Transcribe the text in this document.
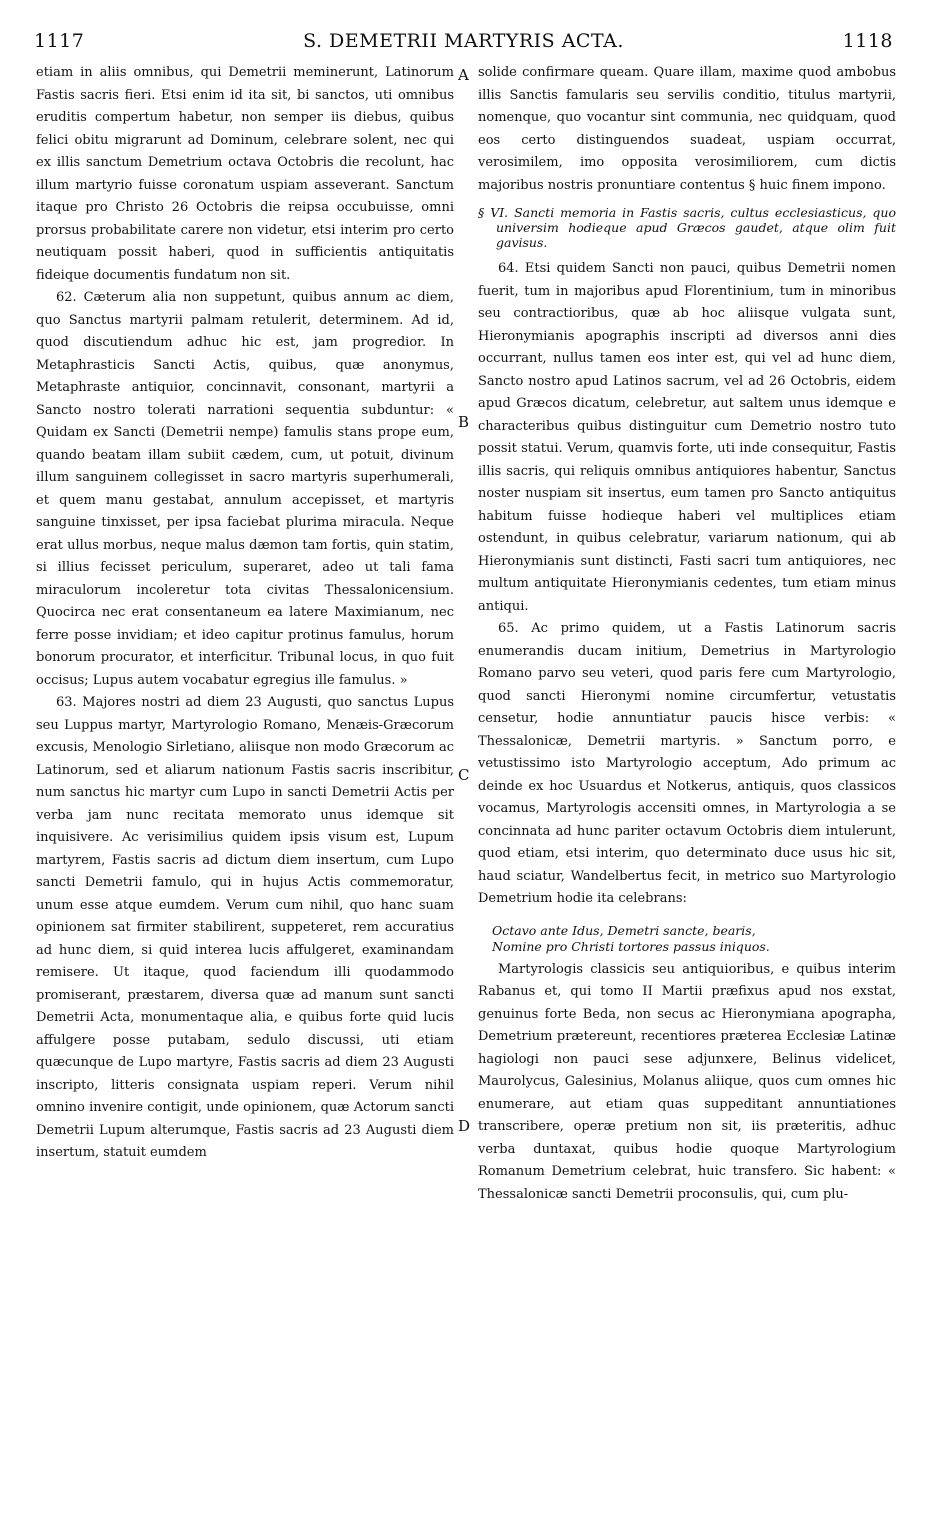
1117	S. DEMETRII MARTYRIS ACTA.	1118

etiam in aliis omnibus, qui Demetrii meminerunt, Latinorum Fastis sacris fieri. Etsi enim id ita sit, bi sanctos, uti omnibus eruditis compertum habetur, non semper iis diebus, quibus felici obitu migrarunt ad Dominum, celebrare solent, nec qui ex illis sanctum Demetrium octava Octobris die recolunt, hac illum martyrio fuisse coronatum uspiam asseverant. Sanctum itaque pro Christo 26 Octobris die reipsa occubuisse, omni prorsus probabilitate carere non videtur, etsi interim pro certo neutiquam possit haberi, quod in sufficientis antiquitatis fideique documentis fundatum non sit.

62. Cæterum alia non suppetunt, quibus annum ac diem, quo Sanctus martyrii palmam retulerit, determinem. Ad id, quod discutiendum adhuc hic est, jam progredior. In Metaphrasticis Sancti Actis, quibus, quæ anonymus, Metaphraste antiquior, concinnavit, consonant, martyrii a Sancto nostro tolerati narrationi sequentia subduntur: « Quidam ex Sancti (Demetrii nempe) famulis stans prope eum, quando beatam illam subiit cædem, cum, ut potuit, divinum illum sanguinem collegisset in sacro martyris superhumerali, et quem manu gestabat, annulum accepisset, et martyris sanguine tinxisset, per ipsa faciebat plurima miracula. Neque erat ullus morbus, neque malus dæmon tam fortis, quin statim, si illius fecisset periculum, superaret, adeo ut tali fama miraculorum incoleretur tota civitas Thessalonicensium. Quocirca nec erat consentaneum ea latere Maximianum, nec ferre posse invidiam; et ideo capitur protinus famulus, horum bonorum procurator, et interficitur. Tribunal locus, in quo fuit occisus; Lupus autem vocabatur egregius ille famulus. »

63. Majores nostri ad diem 23 Augusti, quo sanctus Lupus seu Luppus martyr, Martyrologio Romano, Menæis-Græcorum excusis, Menologio Sirletiano, aliisque non modo Græcorum ac Latinorum, sed et aliarum nationum Fastis sacris inscribitur, num sanctus hic martyr cum Lupo in sancti Demetrii Actis per verba jam nunc recitata memorato unus idemque sit inquisivere. Ac verisimilius quidem ipsis visum est, Lupum martyrem, Fastis sacris ad dictum diem insertum, cum Lupo sancti Demetrii famulo, qui in hujus Actis commemoratur, unum esse atque eumdem. Verum cum nihil, quo hanc suam opinionem sat firmiter stabilirent, suppeteret, rem accuratius ad hunc diem, si quid interea lucis affulgeret, examinandam remisere. Ut itaque, quod faciendum illi quodammodo promiserant, præstarem, diversa quæ ad manum sunt sancti Demetrii Acta, monumentaque alia, e quibus forte quid lucis affulgere posse putabam, sedulo discussi, uti etiam quæcunque de Lupo martyre, Fastis sacris ad diem 23 Augusti inscripto, litteris consignata uspiam reperi. Verum nihil omnino invenire contigit, unde opinionem, quæ Actorum sancti Demetrii Lupum alterumque, Fastis sacris ad 23 Augusti diem insertum, statuit eumdem

A
B
C
D

solide confirmare queam. Quare illam, maxime quod ambobus illis Sanctis famularis seu servilis conditio, titulus martyrii, nomenque, quo vocantur sint communia, nec quidquam, quod eos certo distinguendos suadeat, uspiam occurrat, verosimilem, imo opposita verosimiliorem, cum dictis majoribus nostris pronuntiare contentus § huic finem impono.

§ VI. Sancti memoria in Fastis sacris, cultus ecclesiasticus, quo universim hodieque apud Græcos gaudet, atque olim fuit gavisus.

64. Etsi quidem Sancti non pauci, quibus Demetrii nomen fuerit, tum in majoribus apud Florentinium, tum in minoribus seu contractioribus, quæ ab hoc aliisque vulgata sunt, Hieronymianis apographis inscripti ad diversos anni dies occurrant, nullus tamen eos inter est, qui vel ad hunc diem, Sancto nostro apud Latinos sacrum, vel ad 26 Octobris, eidem apud Græcos dicatum, celebretur, aut saltem unus idemque e characteribus quibus distinguitur cum Demetrio nostro tuto possit statui. Verum, quamvis forte, uti inde consequitur, Fastis illis sacris, qui reliquis omnibus antiquiores habentur, Sanctus noster nuspiam sit insertus, eum tamen pro Sancto antiquitus habitum fuisse hodieque haberi vel multiplices etiam ostendunt, in quibus celebratur, variarum nationum, qui ab Hieronymianis sunt distincti, Fasti sacri tum antiquiores, nec multum antiquitate Hieronymianis cedentes, tum etiam minus antiqui.

65. Ac primo quidem, ut a Fastis Latinorum sacris enumerandis ducam initium, Demetrius in Martyrologio Romano parvo seu veteri, quod paris fere cum Martyrologio, quod sancti Hieronymi nomine circumfertur, vetustatis censetur, hodie annuntiatur paucis hisce verbis: « Thessalonicæ, Demetrii martyris. » Sanctum porro, e vetustissimo isto Martyrologio acceptum, Ado primum ac deinde ex hoc Usuardus et Notkerus, antiquis, quos classicos vocamus, Martyrologis accensiti omnes, in Martyrologia a se concinnata ad hunc pariter octavum Octobris diem intulerunt, quod etiam, etsi interim, quo determinato duce usus hic sit, haud sciatur, Wandelbertus fecit, in metrico suo Martyrologio Demetrium hodie ita celebrans:

Octavo ante Idus, Demetri sancte, bearis,
Nomine pro Christi tortores passus iniquos.

Martyrologis classicis seu antiquioribus, e quibus interim Rabanus et, qui tomo II Martii præfixus apud nos exstat, genuinus forte Beda, non secus ac Hieronymiana apographa, Demetrium prætereunt, recentiores præterea Ecclesiæ Latinæ hagiologi non pauci sese adjunxere, Belinus videlicet, Maurolycus, Galesinius, Molanus aliique, quos cum omnes hic enumerare, aut etiam quas suppeditant annuntiationes transcribere, operæ pretium non sit, iis præteritis, adhuc verba duntaxat, quibus hodie quoque Martyrologium Romanum Demetrium celebrat, huic transfero. Sic habent: « Thessalonicæ sancti Demetrii proconsulis, qui, cum plu-
